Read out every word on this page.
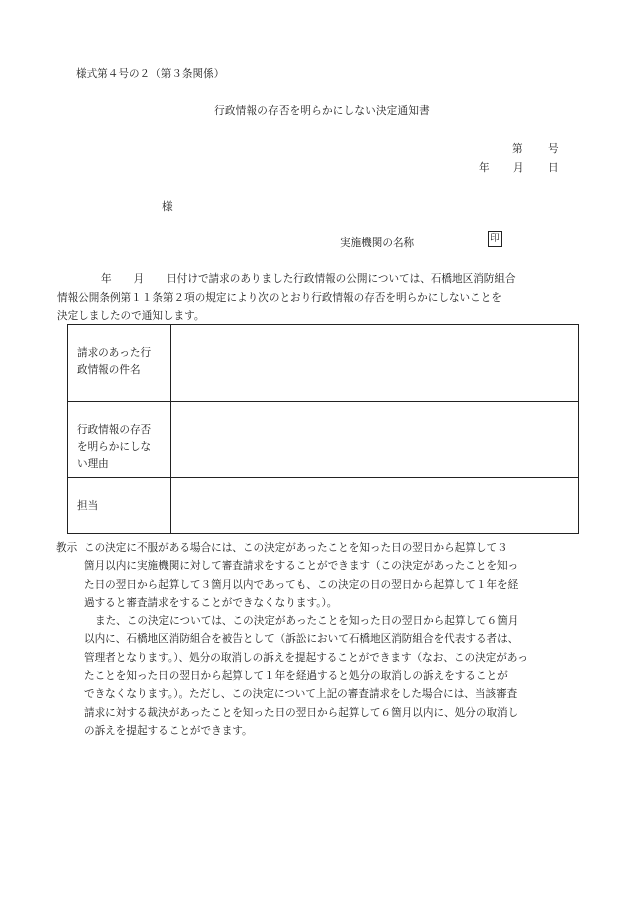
様式第４号の２（第３条関係）
行政情報の存否を明らかにしない決定通知書
第 号
年 月 日
様
実施機関の名称	印

年 月 日付けで請求のありました行政情報の公開については、石橋地区消防組合

情報公開条例第１１条第２項の規定により次のとおり行政情報の存否を明らかにしないことを

決定しましたので通知します。

請求のあった行
政情報の件名	

行政情報の存否
を明らかにしな
い理由	

担当	

教示 この決定に不服がある場合には、この決定があったことを知った日の翌日から起算して３

箇月以内に実施機関に対して審査請求をすることができます（この決定があったことを知っ

た日の翌日から起算して３箇月以内であっても、この決定の日の翌日から起算して１年を経

過すると審査請求をすることができなくなります。）。

また、この決定については、この決定があったことを知った日の翌日から起算して６箇月

以内に、石橋地区消防組合を被告として（訴訟において石橋地区消防組合を代表する者は、

管理者となります。）、処分の取消しの訴えを提起することができます（なお、この決定があっ

たことを知った日の翌日から起算して１年を経過すると処分の取消しの訴えをすることが

できなくなります。）。ただし、この決定について上記の審査請求をした場合には、当該審査

請求に対する裁決があったことを知った日の翌日から起算して６箇月以内に、処分の取消し

の訴えを提起することができます。
